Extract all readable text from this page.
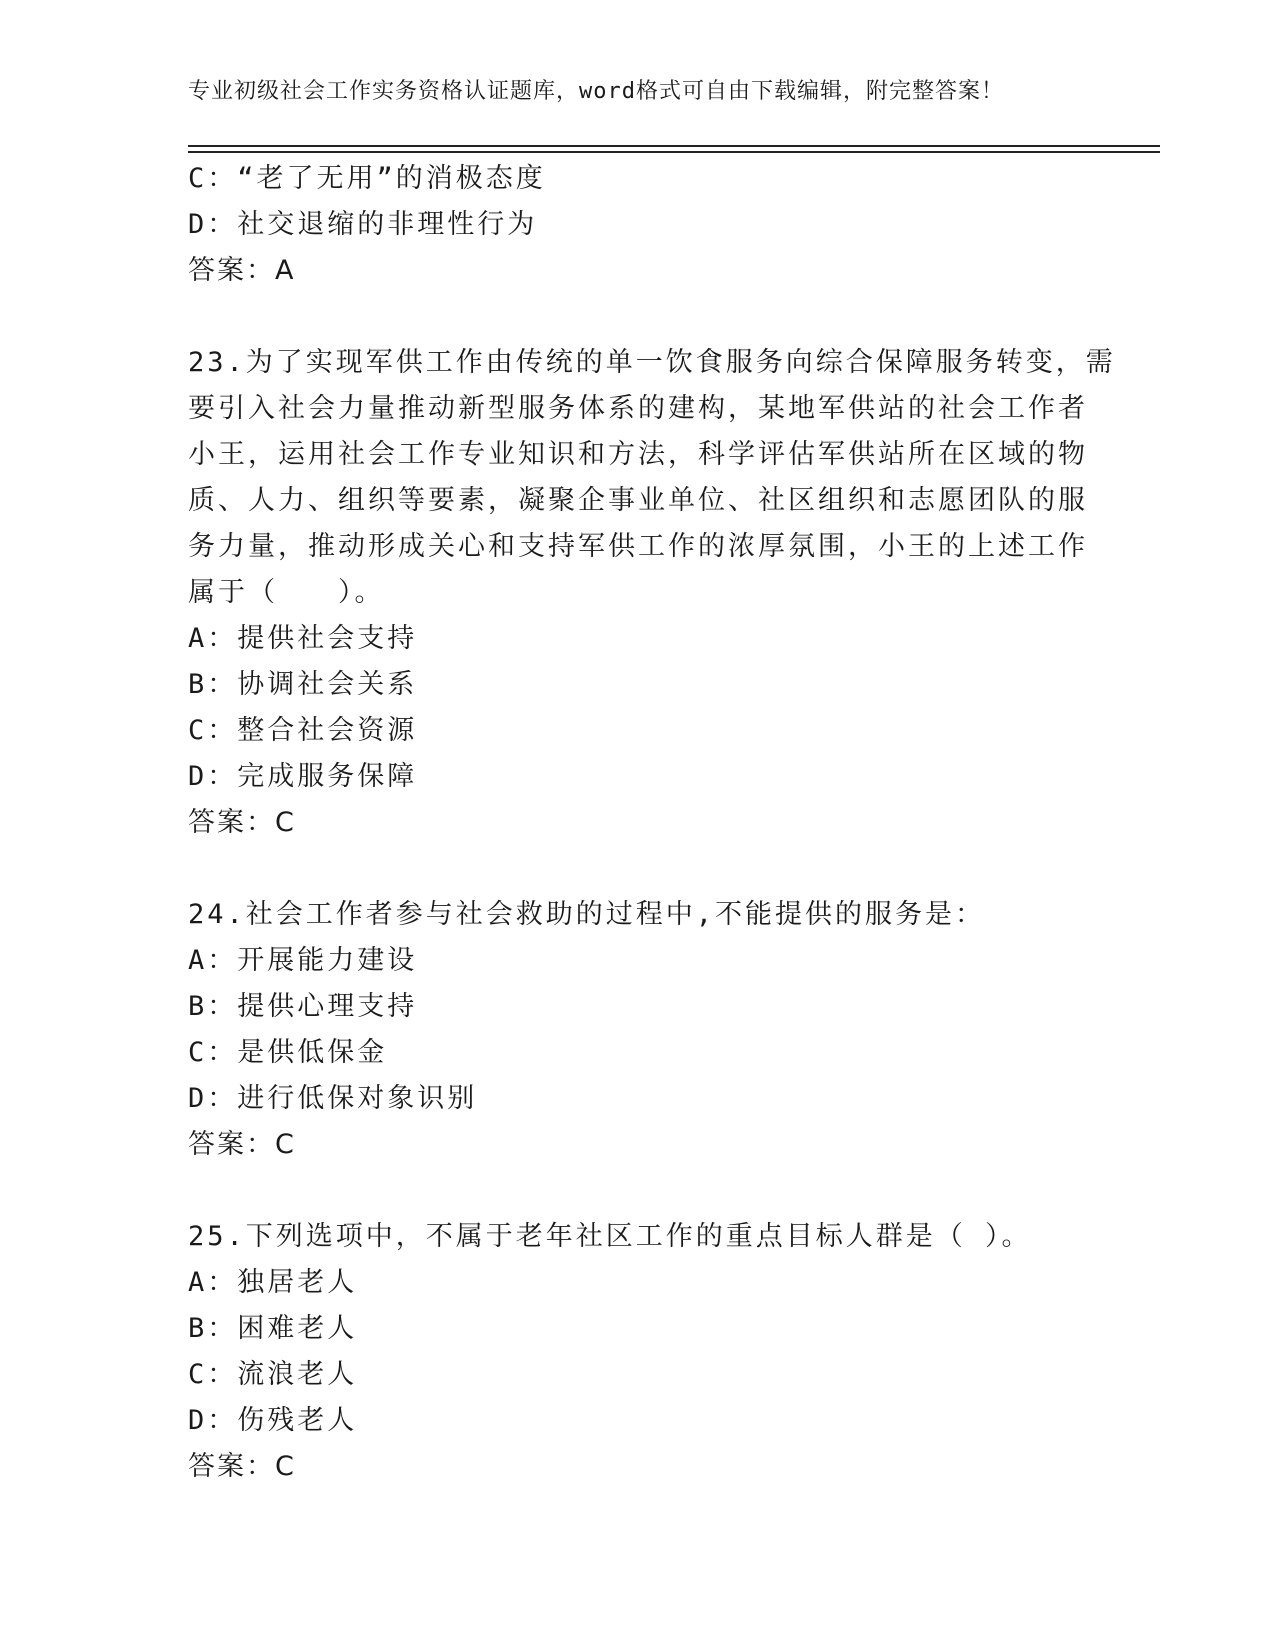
专业初级社会工作实务资格认证题库，word格式可自由下载编辑，附完整答案！
C：“老了无用”的消极态度
D：社交退缩的非理性行为
答案：A
23.为了实现军供工作由传统的单一饮食服务向综合保障服务转变，需
要引入社会力量推动新型服务体系的建构，某地军供站的社会工作者
小王，运用社会工作专业知识和方法，科学评估军供站所在区域的物
质、人力、组织等要素，凝聚企事业单位、社区组织和志愿团队的服
务力量，推动形成关心和支持军供工作的浓厚氛围，小王的上述工作
属于（　　）。
A：提供社会支持
B：协调社会关系
C：整合社会资源
D：完成服务保障
答案：C
24.社会工作者参与社会救助的过程中,不能提供的服务是：
A：开展能力建设
B：提供心理支持
C：是供低保金
D：进行低保对象识别
答案：C
25.下列选项中，不属于老年社区工作的重点目标人群是（ ）。
A：独居老人
B：困难老人
C：流浪老人
D：伤残老人
答案：C
